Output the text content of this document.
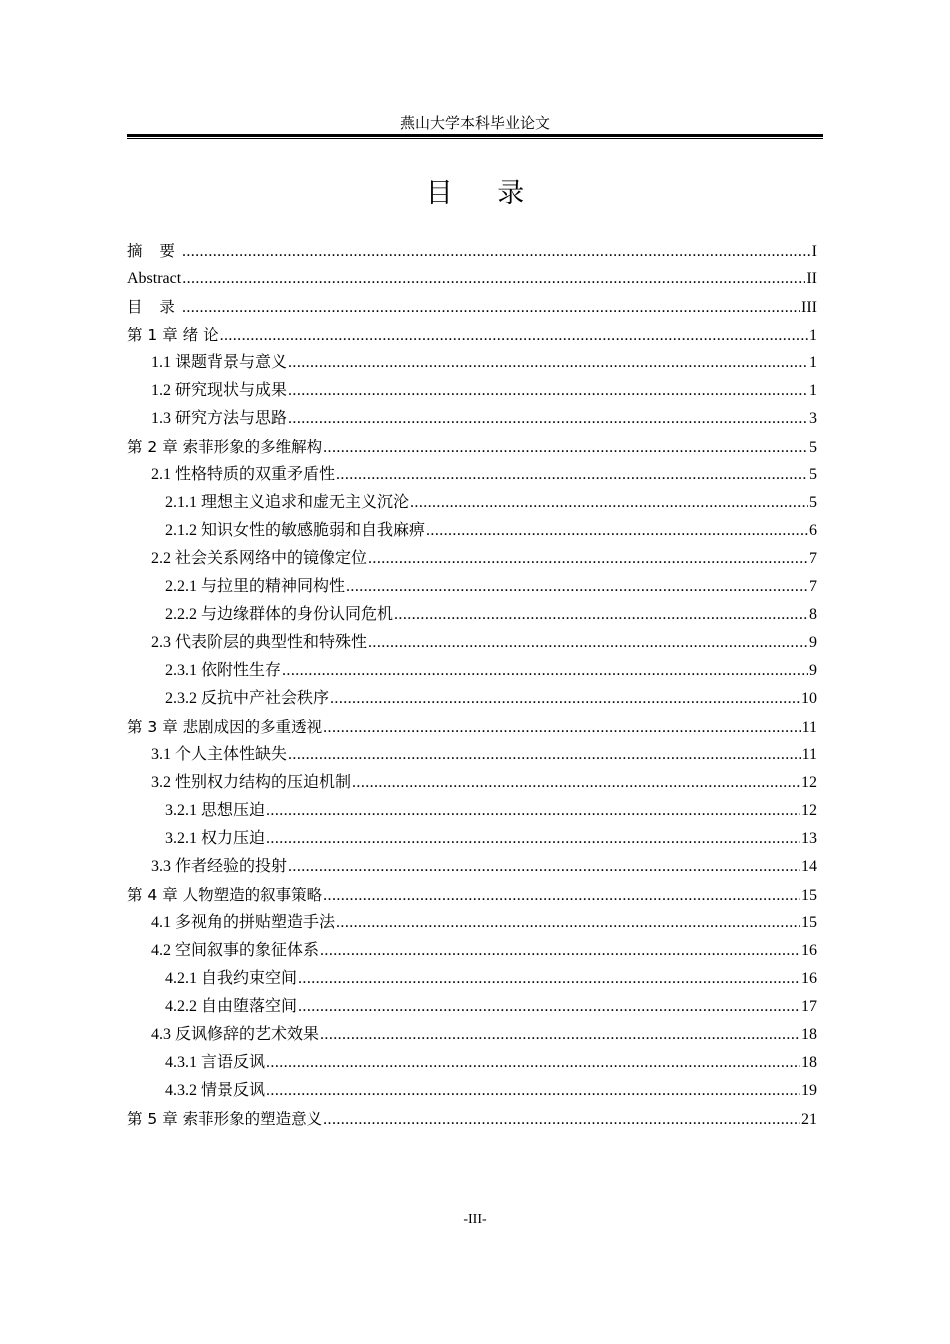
燕山大学本科毕业论文
目 录
摘 要 .....	I
Abstract .....	II
目 录 .....	III
第 1 章 绪 论 .....	1
1.1 课题背景与意义 .....	1
1.2 研究现状与成果 .....	1
1.3 研究方法与思路 .....	3
第 2 章 索菲形象的多维解构 .....	5
2.1 性格特质的双重矛盾性 .....	5
2.1.1 理想主义追求和虚无主义沉沦 .....	5
2.1.2 知识女性的敏感脆弱和自我麻痹 .....	6
2.2 社会关系网络中的镜像定位 .....	7
2.2.1 与拉里的精神同构性 .....	7
2.2.2 与边缘群体的身份认同危机 .....	8
2.3 代表阶层的典型性和特殊性 .....	9
2.3.1 依附性生存 .....	9
2.3.2 反抗中产社会秩序 .....	10
第 3 章 悲剧成因的多重透视 .....	11
3.1 个人主体性缺失 .....	11
3.2 性别权力结构的压迫机制 .....	12
3.2.1 思想压迫 .....	12
3.2.1 权力压迫 .....	13
3.3 作者经验的投射 .....	14
第 4 章 人物塑造的叙事策略 .....	15
4.1 多视角的拼贴塑造手法 .....	15
4.2 空间叙事的象征体系 .....	16
4.2.1 自我约束空间 .....	16
4.2.2 自由堕落空间 .....	17
4.3 反讽修辞的艺术效果 .....	18
4.3.1 言语反讽 .....	18
4.3.2 情景反讽 .....	19
第 5 章 索菲形象的塑造意义 .....	21
-III-
